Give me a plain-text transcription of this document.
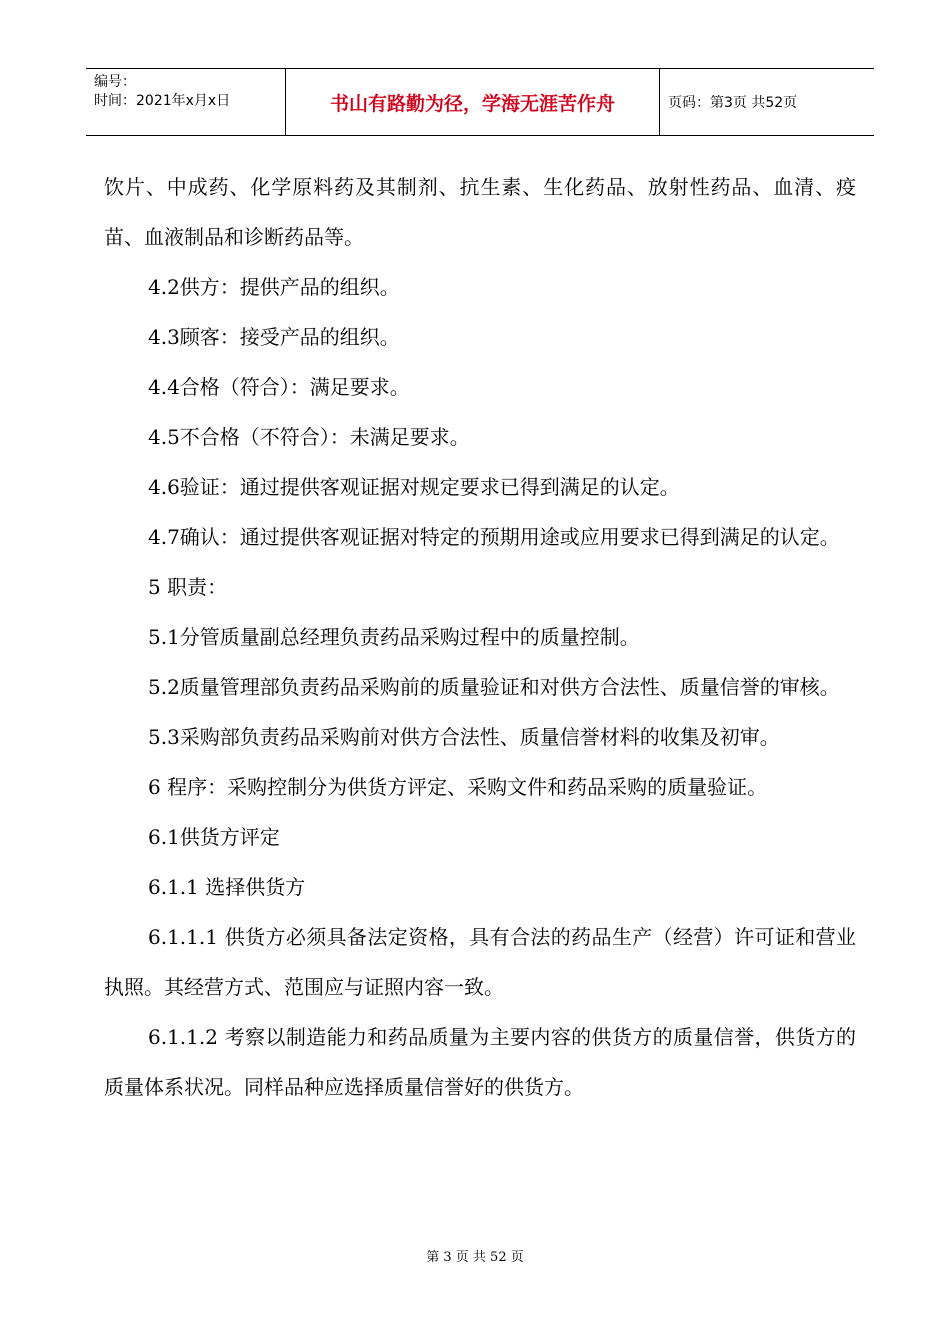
编号：
时间：2021年x月x日	书山有路勤为径，学海无涯苦作舟	页码：第3页 共52页

饮片、中成药、化学原料药及其制剂、抗生素、生化药品、放射性药品、血清、疫苗、血液制品和诊断药品等。

4.2供方：提供产品的组织。

4.3顾客：接受产品的组织。

4.4合格（符合）：满足要求。

4.5不合格（不符合）：未满足要求。

4.6验证：通过提供客观证据对规定要求已得到满足的认定。

4.7确认：通过提供客观证据对特定的预期用途或应用要求已得到满足的认定。

5 职责：

5.1分管质量副总经理负责药品采购过程中的质量控制。

5.2质量管理部负责药品采购前的质量验证和对供方合法性、质量信誉的审核。

5.3采购部负责药品采购前对供方合法性、质量信誉材料的收集及初审。

6 程序：采购控制分为供货方评定、采购文件和药品采购的质量验证。

6.1供货方评定

6.1.1 选择供货方

6.1.1.1 供货方必须具备法定资格，具有合法的药品生产（经营）许可证和营业执照。其经营方式、范围应与证照内容一致。

6.1.1.2 考察以制造能力和药品质量为主要内容的供货方的质量信誉，供货方的质量体系状况。同样品种应选择质量信誉好的供货方。

第 3 页 共 52 页
